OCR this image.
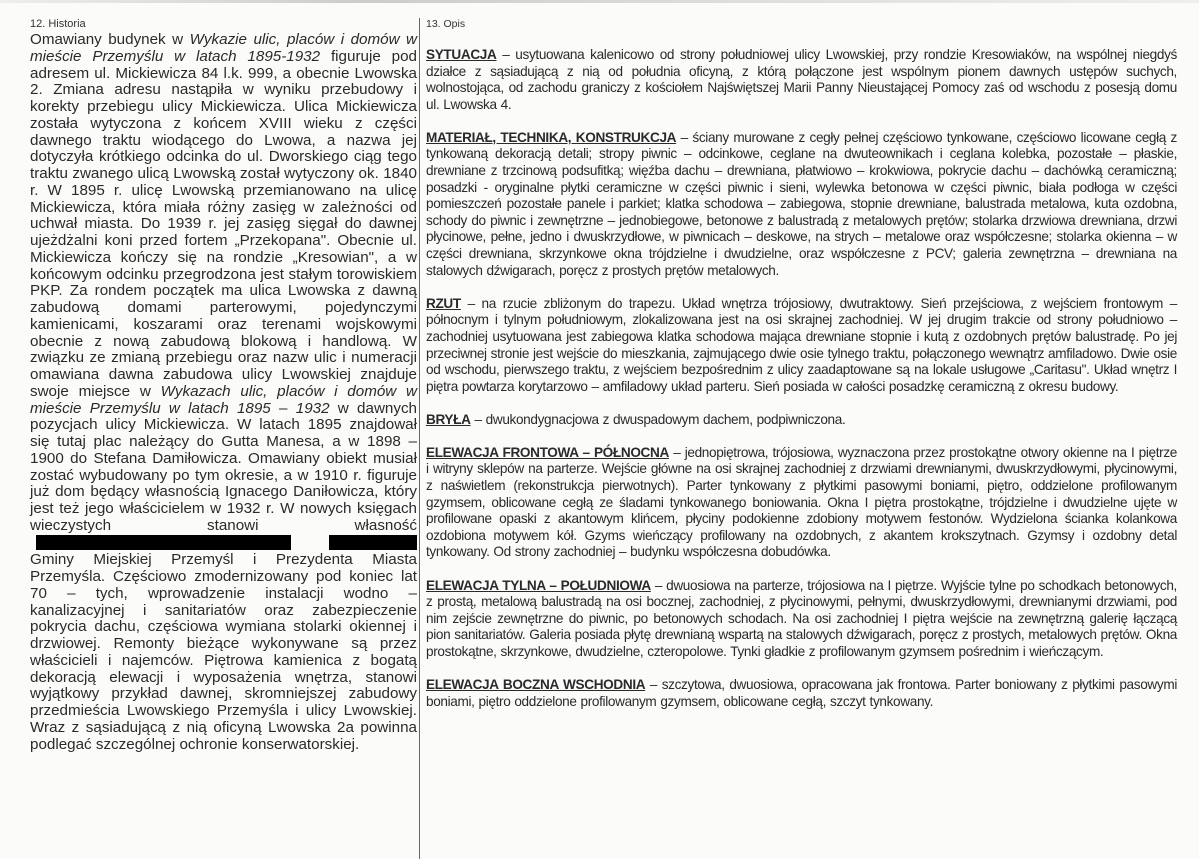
12. Historia

Omawiany budynek w Wykazie ulic, placów i domów w mieście Przemyślu w latach 1895-1932 figuruje pod adresem ul. Mickiewicza 84 l.k. 999, a obecnie Lwowska 2. Zmiana adresu nastąpiła w wyniku przebudowy i korekty przebiegu ulicy Mickiewicza. Ulica Mickiewicza została wytyczona z końcem XVIII wieku z części dawnego traktu wiodącego do Lwowa, a nazwa jej dotyczyła krótkiego odcinka do ul. Dworskiego ciąg tego traktu zwanego ulicą Lwowską został wytyczony ok. 1840 r. W 1895 r. ulicę Lwowską przemianowano na ulicę Mickiewicza, która miała różny zasięg w zależności od uchwał miasta. Do 1939 r. jej zasięg sięgał do dawnej ujeżdżalni koni przed fortem „Przekopana". Obecnie ul. Mickiewicza kończy się na rondzie „Kresowian", a w końcowym odcinku przegrodzona jest stałym torowiskiem PKP. Za rondem początek ma ulica Lwowska z dawną zabudową domami parterowymi, pojedynczymi kamienicami, koszarami oraz terenami wojskowymi obecnie z nową zabudową blokową i handlową. W związku ze zmianą przebiegu oraz nazw ulic i numeracji omawiana dawna zabudowa ulicy Lwowskiej znajduje swoje miejsce w Wykazach ulic, placów i domów w mieście Przemyślu w latach 1895 – 1932 w dawnych pozycjach ulicy Mickiewicza. W latach 1895 znajdował się tutaj plac należący do Gutta Manesa, a w 1898 – 1900 do Stefana Damiłowicza. Omawiany obiekt musiał zostać wybudowany po tym okresie, a w 1910 r. figuruje już dom będący własnością Ignacego Daniłowicza, który jest też jego właścicielem w 1932 r. W nowych księgach wieczystych stanowi własność Gminy Miejskiej Przemyśl i Prezydenta Miasta Przemyśla. Częściowo zmodernizowany pod koniec lat 70 – tych, wprowadzenie instalacji wodno – kanalizacyjnej i sanitariatów oraz zabezpieczenie pokrycia dachu, częściowa wymiana stolarki okiennej i drzwiowej. Remonty bieżące wykonywane są przez właścicieli i najemców. Piętrowa kamienica z bogatą dekoracją elewacji i wyposażenia wnętrza, stanowi wyjątkowy przykład dawnej, skromniejszej zabudowy przedmieścia Lwowskiego Przemyśla i ulicy Lwowskiej. Wraz z sąsiadującą z nią oficyną Lwowska 2a powinna podlegać szczególnej ochronie konserwatorskiej.

13. Opis

SYTUACJA – usytuowana kalenicowo od strony południowej ulicy Lwowskiej, przy rondzie Kresowiaków, na wspólnej niegdyś działce z sąsiadującą z nią od południa oficyną, z którą połączone jest wspólnym pionem dawnych ustępów suchych, wolnostojąca, od zachodu graniczy z kościołem Najświętszej Marii Panny Nieustającej Pomocy zaś od wschodu z posesją domu ul. Lwowska 4.

MATERIAŁ, TECHNIKA, KONSTRUKCJA – ściany murowane z cegły pełnej częściowo tynkowane, częściowo licowane cegłą z tynkowaną dekoracją detali; stropy piwnic – odcinkowe, ceglane na dwuteownikach i ceglana kolebka, pozostałe – płaskie, drewniane z trzcinową podsufitką; więźba dachu – drewniana, płatwiowo – krokwiowa, pokrycie dachu – dachówką ceramiczną; posadzki - oryginalne płytki ceramiczne w części piwnic i sieni, wylewka betonowa w części piwnic, biała podłoga w części pomieszczeń pozostałe panele i parkiet; klatka schodowa – zabiegowa, stopnie drewniane, balustrada metalowa, kuta ozdobna, schody do piwnic i zewnętrzne – jednobiegowe, betonowe z balustradą z metalowych prętów; stolarka drzwiowa drewniana, drzwi płycinowe, pełne, jedno i dwuskrzydłowe, w piwnicach – deskowe, na strych – metalowe oraz współczesne; stolarka okienna – w części drewniana, skrzynkowe okna trójdzielne i dwudzielne, oraz współczesne z PCV; galeria zewnętrzna – drewniana na stalowych dźwigarach, poręcz z prostych prętów metalowych.

RZUT – na rzucie zbliżonym do trapezu. Układ wnętrza trójosiowy, dwutraktowy. Sień przejściowa, z wejściem frontowym – północnym i tylnym południowym, zlokalizowana jest na osi skrajnej zachodniej. W jej drugim trakcie od strony południowo – zachodniej usytuowana jest zabiegowa klatka schodowa mająca drewniane stopnie i kutą z ozdobnych prętów balustradę. Po jej przeciwnej stronie jest wejście do mieszkania, zajmującego dwie osie tylnego traktu, połączonego wewnątrz amfiladowo. Dwie osie od wschodu, pierwszego traktu, z wejściem bezpośrednim z ulicy zaadaptowane są na lokale usługowe „Caritasu". Układ wnętrz I piętra powtarza korytarzowo – amfiladowy układ parteru. Sień posiada w całości posadzkę ceramiczną z okresu budowy.

BRYŁA – dwukondygnacjowa z dwuspadowym dachem, podpiwniczona.

ELEWACJA FRONTOWA – PÓŁNOCNA – jednopiętrowa, trójosiowa, wyznaczona przez prostokątne otwory okienne na I piętrze i witryny sklepów na parterze. Wejście główne na osi skrajnej zachodniej z drzwiami drewnianymi, dwuskrzydłowymi, płycinowymi, z naświetlem (rekonstrukcja pierwotnych). Parter tynkowany z płytkimi pasowymi boniami, piętro, oddzielone profilowanym gzymsem, oblicowane cegłą ze śladami tynkowanego boniowania. Okna I piętra prostokątne, trójdzielne i dwudzielne ujęte w profilowane opaski z akantowym klińcem, płyciny podokienne zdobiony motywem festonów. Wydzielona ścianka kolankowa ozdobiona motywem kół. Gzyms wieńczący profilowany na ozdobnych, z akantem krokszytnach. Gzymsy i ozdobny detal tynkowany. Od strony zachodniej – budynku współczesna dobudówka.

ELEWACJA TYLNA – POŁUDNIOWA – dwuosiowa na parterze, trójosiowa na I piętrze. Wyjście tylne po schodkach betonowych, z prostą, metalową balustradą na osi bocznej, zachodniej, z płycinowymi, pełnymi, dwuskrzydłowymi, drewnianymi drzwiami, pod nim zejście zewnętrzne do piwnic, po betonowych schodach. Na osi zachodniej I piętra wejście na zewnętrzną galerię łączącą pion sanitariatów. Galeria posiada płytę drewnianą wspartą na stalowych dźwigarach, poręcz z prostych, metalowych prętów. Okna prostokątne, skrzynkowe, dwudzielne, czteropolowe. Tynki gładkie z profilowanym gzymsem pośrednim i wieńczącym.

ELEWACJA BOCZNA WSCHODNIA – szczytowa, dwuosiowa, opracowana jak frontowa. Parter boniowany z płytkimi pasowymi boniami, piętro oddzielone profilowanym gzymsem, oblicowane cegłą, szczyt tynkowany.
